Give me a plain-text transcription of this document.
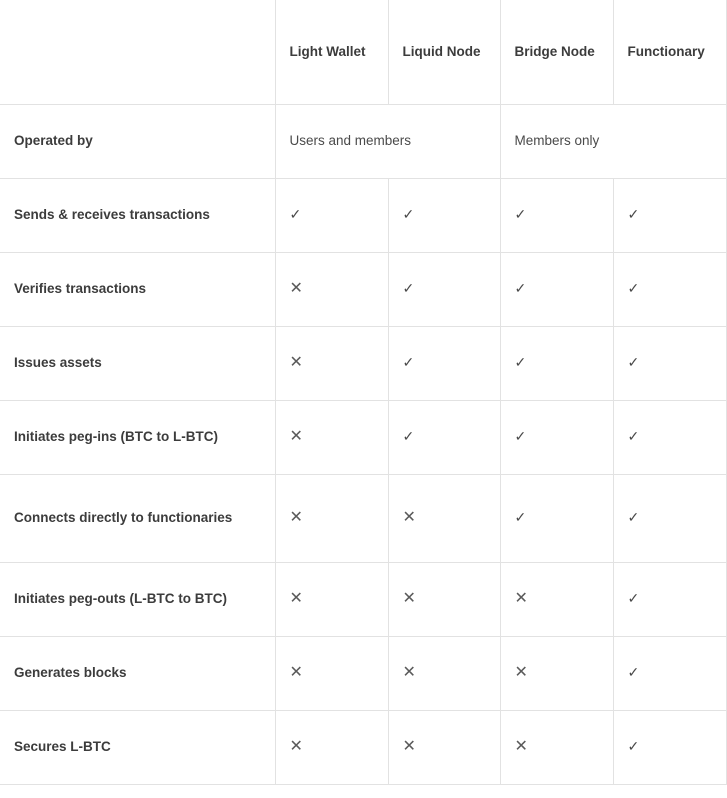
	Light Wallet	Liquid Node	Bridge Node	Functionary
Operated by	Users and members		Members only	
Sends & receives transactions	✓	✓	✓	✓
Verifies transactions	✕	✓	✓	✓
Issues assets	✕	✓	✓	✓
Initiates peg-ins (BTC to L-BTC)	✕	✓	✓	✓
Connects directly to functionaries	✕	✕	✓	✓
Initiates peg-outs (L-BTC to BTC)	✕	✕	✕	✓
Generates blocks	✕	✕	✕	✓
Secures L-BTC	✕	✕	✕	✓
